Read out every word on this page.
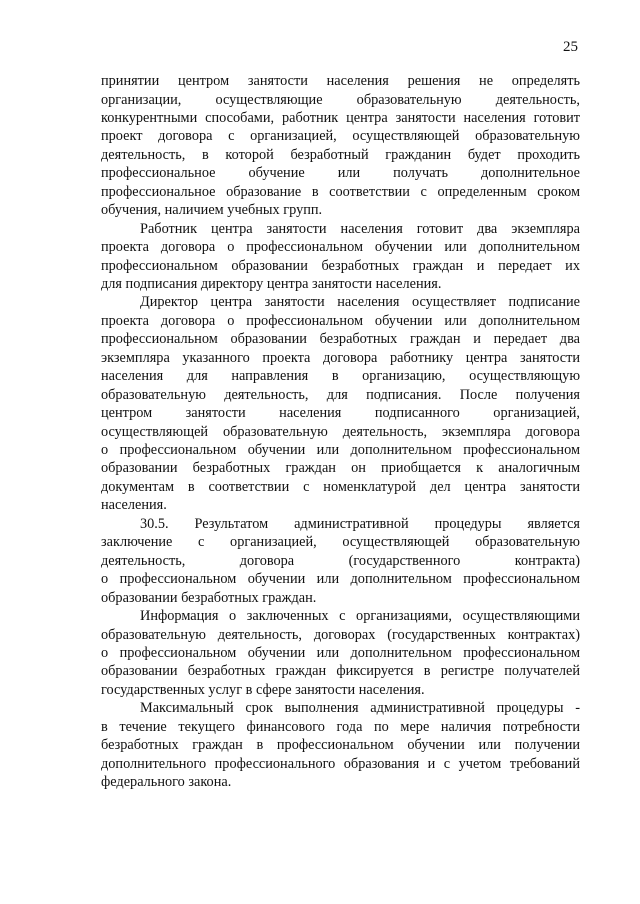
25
принятии центром занятости населения решения не определять
организации, осуществляющие образовательную деятельность,
конкурентными способами, работник центра занятости населения готовит
проект договора с организацией, осуществляющей образовательную
деятельность, в которой безработный гражданин будет проходить
профессиональное обучение или получать дополнительное
профессиональное образование в соответствии с определенным сроком
обучения, наличием учебных групп.
Работник центра занятости населения готовит два экземпляра
проекта договора о профессиональном обучении или дополнительном
профессиональном образовании безработных граждан и передает их
для подписания директору центра занятости населения.
Директор центра занятости населения осуществляет подписание
проекта договора о профессиональном обучении или дополнительном
профессиональном образовании безработных граждан и передает два
экземпляра указанного проекта договора работнику центра занятости
населения для направления в организацию, осуществляющую
образовательную деятельность, для подписания. После получения
центром занятости населения подписанного организацией,
осуществляющей образовательную деятельность, экземпляра договора
о профессиональном обучении или дополнительном профессиональном
образовании безработных граждан он приобщается к аналогичным
документам в соответствии с номенклатурой дел центра занятости
населения.
30.5. Результатом административной процедуры является
заключение с организацией, осуществляющей образовательную
деятельность, договора (государственного контракта)
о профессиональном обучении или дополнительном профессиональном
образовании безработных граждан.
Информация о заключенных с организациями, осуществляющими
образовательную деятельность, договорах (государственных контрактах)
о профессиональном обучении или дополнительном профессиональном
образовании безработных граждан фиксируется в регистре получателей
государственных услуг в сфере занятости населения.
Максимальный срок выполнения административной процедуры -
в течение текущего финансового года по мере наличия потребности
безработных граждан в профессиональном обучении или получении
дополнительного профессионального образования и с учетом требований
федерального закона.
